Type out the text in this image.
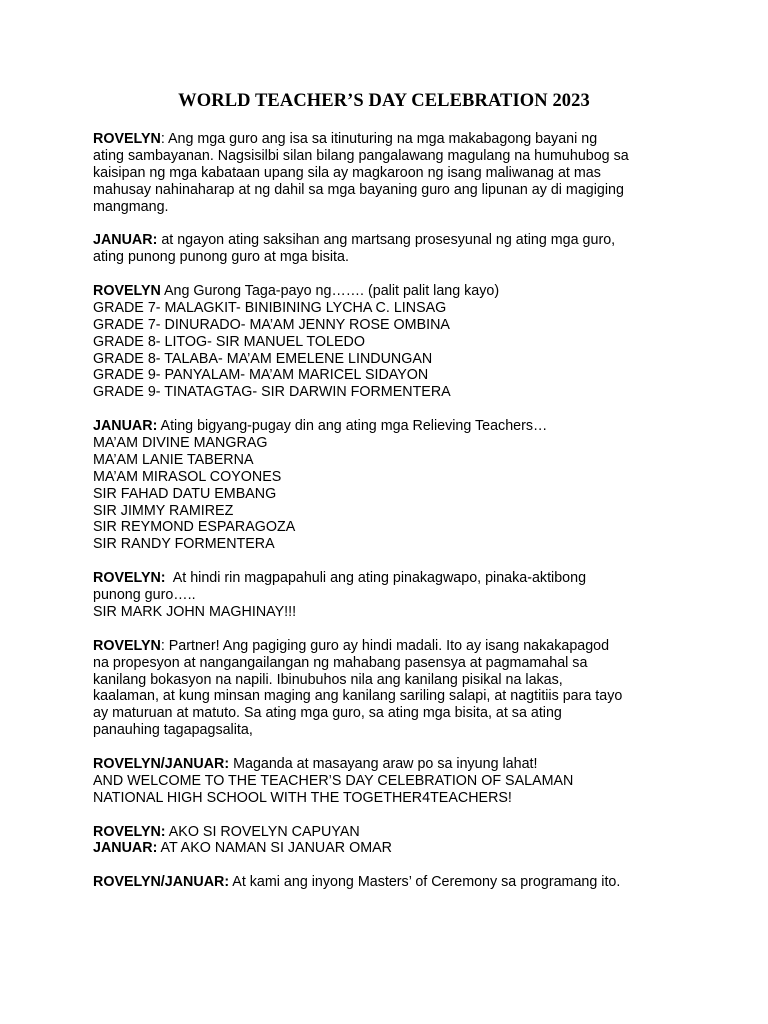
WORLD TEACHER’S DAY CELEBRATION 2023
ROVELYN: Ang mga guro ang isa sa itinuturing na mga makabagong bayani ng
ating sambayanan. Nagsisilbi silan bilang pangalawang magulang na humuhubog sa
kaisipan ng mga kabataan upang sila ay magkaroon ng isang maliwanag at mas
mahusay nahinaharap at ng dahil sa mga bayaning guro ang lipunan ay di magiging
mangmang.
JANUAR: at ngayon ating saksihan ang martsang prosesyunal ng ating mga guro,
ating punong punong guro at mga bisita.
ROVELYN Ang Gurong Taga-payo ng……. (palit palit lang kayo)
GRADE 7- MALAGKIT- BINIBINING LYCHA C. LINSAG
GRADE 7- DINURADO- MA’AM JENNY ROSE OMBINA
GRADE 8- LITOG- SIR MANUEL TOLEDO
GRADE 8- TALABA- MA’AM EMELENE LINDUNGAN
GRADE 9- PANYALAM- MA’AM MARICEL SIDAYON
GRADE 9- TINATAGTAG- SIR DARWIN FORMENTERA
JANUAR: Ating bigyang-pugay din ang ating mga Relieving Teachers…
MA’AM DIVINE MANGRAG
MA’AM LANIE TABERNA
MA’AM MIRASOL COYONES
SIR FAHAD DATU EMBANG
SIR JIMMY RAMIREZ
SIR REYMOND ESPARAGOZA
SIR RANDY FORMENTERA
ROVELYN:  At hindi rin magpapahuli ang ating pinakagwapo, pinaka-aktibong
punong guro…..
SIR MARK JOHN MAGHINAY!!!
ROVELYN: Partner! Ang pagiging guro ay hindi madali. Ito ay isang nakakapagod
na propesyon at nangangailangan ng mahabang pasensya at pagmamahal sa
kanilang bokasyon na napili. Ibinubuhos nila ang kanilang pisikal na lakas,
kaalaman, at kung minsan maging ang kanilang sariling salapi, at nagtitiis para tayo
ay maturuan at matuto. Sa ating mga guro, sa ating mga bisita, at sa ating
panauhing tagapagsalita,
ROVELYN/JANUAR: Maganda at masayang araw po sa inyung lahat!
AND WELCOME TO THE TEACHER’S DAY CELEBRATION OF SALAMAN
NATIONAL HIGH SCHOOL WITH THE TOGETHER4TEACHERS!
ROVELYN: AKO SI ROVELYN CAPUYAN
JANUAR: AT AKO NAMAN SI JANUAR OMAR
ROVELYN/JANUAR: At kami ang inyong Masters’ of Ceremony sa programang ito.
